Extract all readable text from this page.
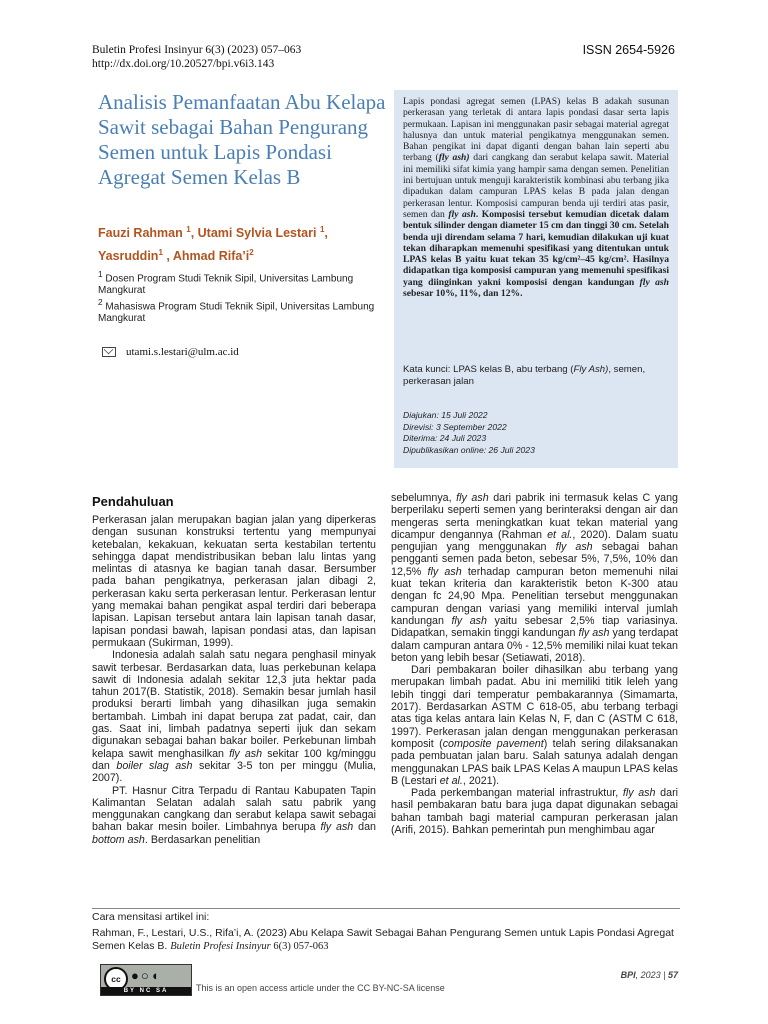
Buletin Profesi Insinyur 6(3) (2023) 057–063
http://dx.doi.org/10.20527/bpi.v6i3.143
ISSN 2654-5926
Analisis Pemanfaatan Abu Kelapa Sawit sebagai Bahan Pengurang Semen untuk Lapis Pondasi Agregat Semen Kelas B
Fauzi Rahman $^1$, Utami Sylvia Lestari $^1$,
Yasruddin$^1$ , Ahmad $Rifa’i^2$
$^1$ Dosen Program Studi Teknik Sipil, Universitas Lambung Mangkurat
$^2$ Mahasiswa Program Studi Teknik Sipil, Universitas Lambung Mangkurat
utami.s.lestari@ulm.ac.id

Lapis pondasi agregat semen (LPAS) kelas B adakah susunan perkerasan yang terletak di antara lapis pondasi dasar serta lapis permukaan. Lapisan ini menggunakan pasir sebagai material agregat halusnya dan untuk material pengikatnya menggunakan semen. Bahan pengikat ini dapat diganti dengan bahan lain seperti abu terbang (fly ash) dari cangkang dan serabut kelapa sawit. Material ini memiliki sifat kimia yang hampir sama dengan semen. Penelitian ini bertujuan untuk menguji karakteristik kombinasi abu terbang jika dipadukan dalam campuran LPAS kelas B pada jalan dengan perkerasan lentur. Komposisi campuran benda uji terdiri atas pasir, semen dan fly ash. Komposisi tersebut kemudian dicetak dalam bentuk silinder dengan diameter 15 cm dan tinggi 30 cm. Setelah benda uji direndam selama 7 hari, kemudian dilakukan uji kuat tekan diharapkan memenuhi spesifikasi yang ditentukan untuk LPAS kelas B yaitu kuat tekan 35 kg/cm²–45 kg/cm². Hasilnya didapatkan tiga komposisi campuran yang memenuhi spesifikasi yang diinginkan yakni komposisi dengan kandungan fly ash sebesar 10%, 11%, dan 12%.

Kata kunci: LPAS kelas B, abu terbang (Fly Ash), semen, perkerasan jalan

Diajukan: 15 Juli 2022
Direvisi: 3 September 2022
Diterima: 24 Juli 2023
Dipublikasikan online: 26 Juli 2023
Pendahuluan

Perkerasan jalan merupakan bagian jalan yang diperkeras dengan susunan konstruksi tertentu yang mempunyai ketebalan, kekakuan, kekuatan serta kestabilan tertentu sehingga dapat mendistribusikan beban lalu lintas yang melintas di atasnya ke bagian tanah dasar. Bersumber pada bahan pengikatnya, perkerasan jalan dibagi 2, perkerasan kaku serta perkerasan lentur. Perkerasan lentur yang memakai bahan pengikat aspal terdiri dari beberapa lapisan. Lapisan tersebut antara lain lapisan tanah dasar, lapisan pondasi bawah, lapisan pondasi atas, dan lapisan permukaan (Sukirman, 1999).

Indonesia adalah salah satu negara penghasil minyak sawit terbesar. Berdasarkan data, luas perkebunan kelapa sawit di Indonesia adalah sekitar 12,3 juta hektar pada tahun 2017(B. Statistik, 2018). Semakin besar jumlah hasil produksi berarti limbah yang dihasilkan juga semakin bertambah. Limbah ini dapat berupa zat padat, cair, dan gas. Saat ini, limbah padatnya seperti ijuk dan sekam digunakan sebagai bahan bakar boiler. Perkebunan limbah kelapa sawit menghasilkan fly ash sekitar 100 kg/minggu dan boiler slag ash sekitar 3-5 ton per minggu (Mulia, 2007).

PT. Hasnur Citra Terpadu di Rantau Kabupaten Tapin Kalimantan Selatan adalah salah satu pabrik yang menggunakan cangkang dan serabut kelapa sawit sebagai bahan bakar mesin boiler. Limbahnya berupa fly ash dan bottom ash. Berdasarkan penelitian

sebelumnya, fly ash dari pabrik ini termasuk kelas C yang berperilaku seperti semen yang berinteraksi dengan air dan mengeras serta meningkatkan kuat tekan material yang dicampur dengannya (Rahman et al., 2020). Dalam suatu pengujian yang menggunakan fly ash sebagai bahan pengganti semen pada beton, sebesar 5%, 7,5%, 10% dan 12,5% fly ash terhadap campuran beton memenuhi nilai kuat tekan kriteria dan karakteristik beton K-300 atau dengan fc 24,90 Mpa. Penelitian tersebut menggunakan campuran dengan variasi yang memiliki interval jumlah kandungan fly ash yaitu sebesar 2,5% tiap variasinya. Didapatkan, semakin tinggi kandungan fly ash yang terdapat dalam campuran antara 0% - 12,5% memiliki nilai kuat tekan beton yang lebih besar (Setiawati, 2018).

Dari pembakaran boiler dihasilkan abu terbang yang merupakan limbah padat. Abu ini memiliki titik leleh yang lebih tinggi dari temperatur pembakarannya (Simamarta, 2017). Berdasarkan ASTM C 618-05, abu terbang terbagi atas tiga kelas antara lain Kelas N, F, dan C (ASTM C 618, 1997). Perkerasan jalan dengan menggunakan perkerasan komposit (composite pavement) telah sering dilaksanakan pada pembuatan jalan baru. Salah satunya adalah dengan menggunakan LPAS baik LPAS Kelas A maupun LPAS kelas B (Lestari et al., 2021).

Pada perkembangan material infrastruktur, fly ash dari hasil pembakaran batu bara juga dapat digunakan sebagai bahan tambah bagi material campuran perkerasan jalan (Arifi, 2015). Bahkan pemerintah pun menghimbau agar

Cara mensitasi artikel ini:

Rahman, F., Lestari, U.S., Rifa’i, A. (2023) Abu Kelapa Sawit Sebagai Bahan Pengurang Semen untuk Lapis Pondasi Agregat Semen Kelas B. Buletin Profesi Insinyur 6(3) 057-063

cc ●○◖
BY NC SA	This is an open access article under the CC BY-NC-SA license
BPI, 2023 | 57
